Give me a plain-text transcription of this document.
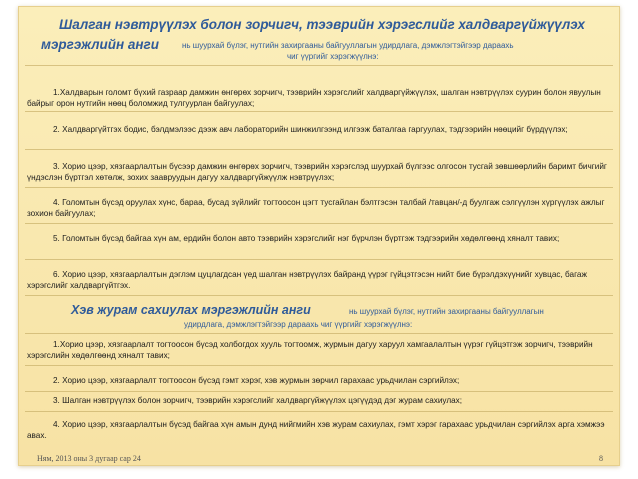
Шалган нэвтрүүлэх болон зорчигч, тээврийн хэрэгслийг халдваргүйжүүлэх
мэргэжлийн анги	нь шуурхай бүлэг, нутгийн захиргааны байгууллагын удирдлага, дэмжлэгтэйгээр дараахь
чиг үүргийг хэрэгжүүлнэ:
1.Халдварын голомт бүхий газраар дамжин өнгөрөх зорчигч, тээврийн хэрэгслийг халдваргүйжүүлэх, шалган нэвтрүүлэх суурин болон явуулын байрыг орон нутгийн нөөц боломжид тулгуурлан байгуулах;
2. Халдваргүйтгэх бодис, бэлдмэлээс дээж авч лабораторийн шинжилгээнд илгээж баталгаа гаргуулах, тэдгээрийн нөөцийг бүрдүүлэх;
3. Хорио цээр, хязгаарлалтын бүсээр дамжин өнгөрөх зорчигч, тээврийн хэрэгслэд шуурхай бүлгээс олгосон тусгай зөвшөөрлийн баримт бичгийг үндэслэн бүртгэл хөтөлж, зохих заавруудын дагуу халдваргүйжүүлж нэвтрүүлэх;
4. Голомтын бүсэд оруулах хүнс, бараа, бусад зүйлийг тогтоосон цэгт тусгайлан бэлтгэсэн талбай /тавцан/-д буулгаж сэлгүүлэн хүргүүлэх ажлыг зохион байгуулах;
5. Голомтын бүсэд байгаа хүн ам, ердийн болон авто тээврийн хэрэгслийг нэг бүрчлэн бүртгэж тэдгээрийн хөдөлгөөнд хяналт тавих;
6. Хорио цээр, хязгаарлалтын дэглэм цуцлагдсан үед шалган нэвтрүүлэх байранд үүрэг гүйцэтгэсэн нийт бие бүрэлдэхүүнийг хувцас, багаж хэрэгслийг халдваргүйтгэх.
Хэв журам сахиулах мэргэжлийн анги	нь шуурхай бүлэг, нутгийн захиргааны байгууллагын
удирдлага, дэмжлэгтэйгээр дараахь чиг үүргийг хэрэгжүүлнэ:
1.Хорио цээр, хязгаарлалт тогтоосон бүсэд холбогдох хууль тогтоомж, журмын дагуу харуул хамгаалалтын үүрэг гүйцэтгэж зорчигч, тээврийн хэрэгслийн хөдөлгөөнд хяналт тавих;
2. Хорио цээр, хязгаарлалт тогтоосон бүсэд гэмт хэрэг, хэв журмын зөрчил гарахаас урьдчилан сэргийлэх;
3. Шалган нэвтрүүлэх болон зорчигч, тээврийн хэрэгслийг халдваргүйжүүлэх цэгүүдэд дэг журам сахиулах;
4. Хорио цээр, хязгаарлалтын бүсэд байгаа хүн амын дунд нийгмийн хэв журам сахиулах, гэмт хэрэг гарахаас урьдчилан сэргийлэх арга хэмжээ авах.
Ням, 2013 оны 3 дугаар сар 24	8
